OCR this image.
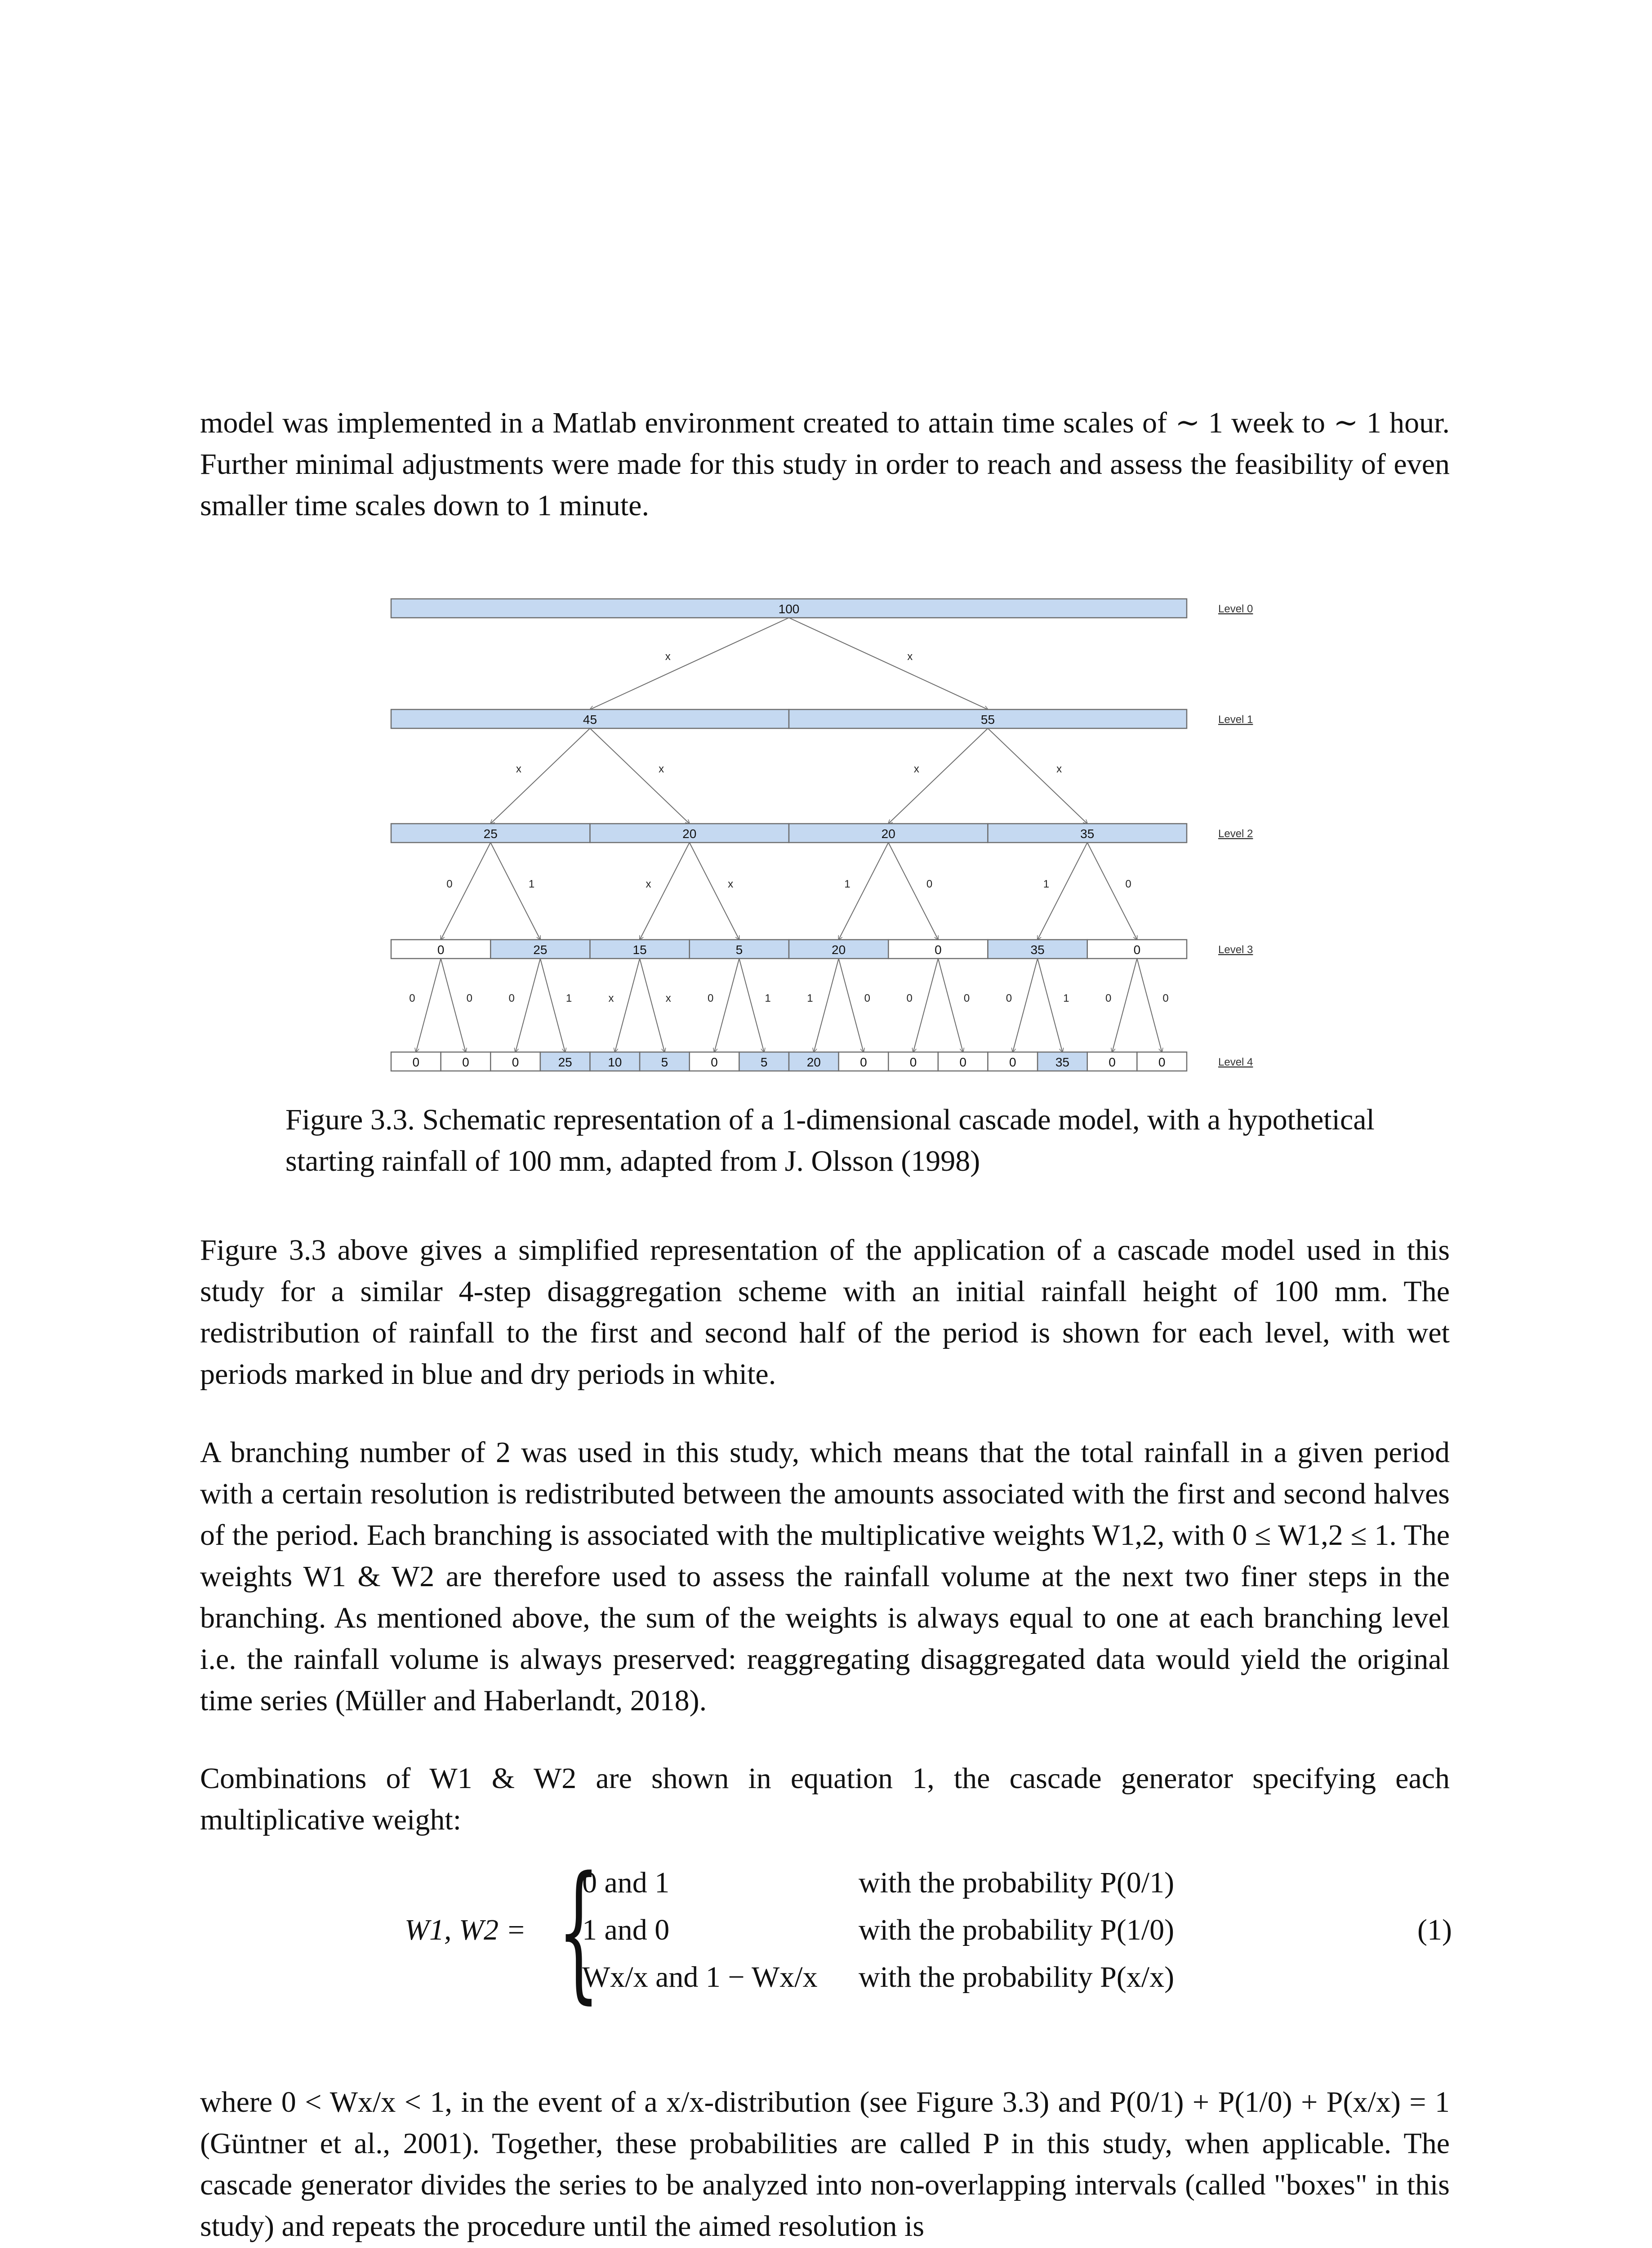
model was implemented in a Matlab environment created to attain time scales of ∼ 1 week to ∼ 1 hour. Further minimal adjustments were made for this study in order to reach and assess the feasibility of even smaller time scales down to 1 minute.

x	x
x	x	x	x
0	1	x	x	1	0	1	0
0	0	0	1	x	x	0	1	1	0	0	0	0	1	0	0
100	Level 0
45	55	Level 1
25	20	20	35	Level 2
0	25	15	5	20	0	35	0	Level 3
0	0	0	25	10	5	0	5	20	0	0	0	0	35	0	0	Level 4

Figure 3.3. Schematic representation of a 1-dimensional cascade model, with a hypothetical starting rainfall of 100 mm, adapted from J. Olsson (1998)

Figure 3.3 above gives a simplified representation of the application of a cascade model used in this study for a similar 4-step disaggregation scheme with an initial rainfall height of 100 mm. The redistribution of rainfall to the first and second half of the period is shown for each level, with wet periods marked in blue and dry periods in white.

A branching number of 2 was used in this study, which means that the total rainfall in a given period with a certain resolution is redistributed between the amounts associated with the first and second halves of the period. Each branching is associated with the multiplicative weights W1,2, with 0 ≤ W1,2 ≤ 1. The weights W1 & W2 are therefore used to assess the rainfall volume at the next two finer steps in the branching. As mentioned above, the sum of the weights is always equal to one at each branching level i.e. the rainfall volume is always preserved: reaggregating disaggregated data would yield the original time series (Müller and Haberlandt, 2018).

Combinations of W1 & W2 are shown in equation 1, the cascade generator specifying each multiplicative weight:

W1, W2 = {
0 and 1	with the probability P(0/1)
1 and 0	with the probability P(1/0)
Wx/x and 1 − Wx/x with the probability P(x/x)
(1)

where 0 < Wx/x < 1, in the event of a x/x-distribution (see Figure 3.3) and P(0/1) + P(1/0) + P(x/x) = 1 (Güntner et al., 2001). Together, these probabilities are called P in this study, when applicable. The cascade generator divides the series to be analyzed into non-overlapping intervals (called "boxes" in this study) and repeats the procedure until the aimed resolution is
